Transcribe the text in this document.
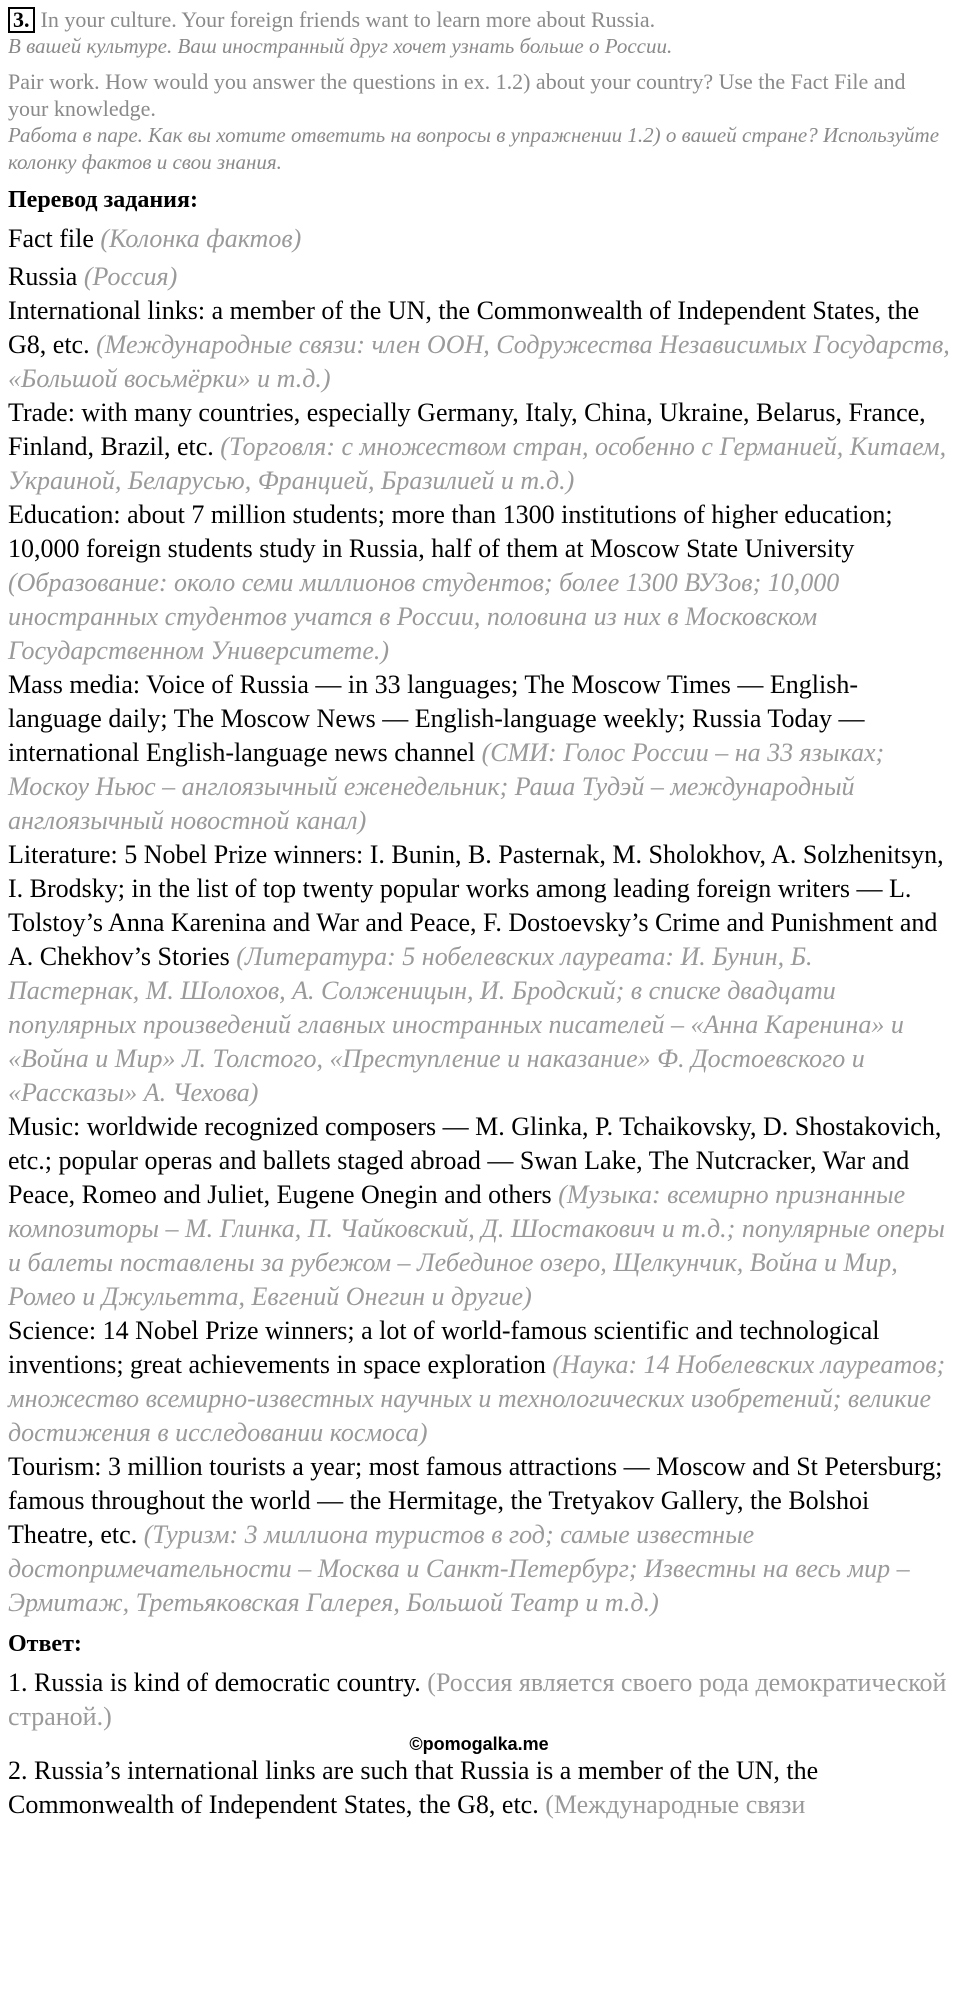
3. In your culture. Your foreign friends want to learn more about Russia.
В вашей культуре. Ваш иностранный друг хочет узнать больше о России.
Pair work. How would you answer the questions in ex. 1.2) about your country? Use the Fact File and your knowledge.
Работа в паре. Как вы хотите ответить на вопросы в упражнении 1.2) о вашей стране? Используйте колонку фактов и свои знания.
Перевод задания:

Fact file (Колонка фактов)

Russia (Россия)

International links: a member of the UN, the Commonwealth of Independent States, the G8, etc. (Международные связи: член ООН, Содружества Независимых Государств, «Большой восьмёрки» и т.д.)

Trade: with many countries, especially Germany, Italy, China, Ukraine, Belarus, France, Finland, Brazil, etc. (Торговля: с множеством стран, особенно с Германией, Китаем, Украиной, Беларусью, Францией, Бразилией и т.д.)

Education: about 7 million students; more than 1300 institutions of higher education; 10,000 foreign students study in Russia, half of them at Moscow State University (Образование: около семи миллионов студентов; более 1300 ВУЗов; 10,000 иностранных студентов учатся в России, половина из них в Московском Государственном Университете.)

Mass media: Voice of Russia — in 33 languages; The Moscow Times — English-language daily; The Moscow News — English-language weekly; Russia Today — international English-language news channel (СМИ: Голос России – на 33 языках; Москоу Ньюс – англоязычный еженедельник; Раша Тудэй – международный англоязычный новостной канал)

Literature: 5 Nobel Prize winners: I. Bunin, B. Pasternak, M. Sholokhov, A. Solzhenitsyn, I. Brodsky; in the list of top twenty popular works among leading foreign writers — L. Tolstoy’s Anna Karenina and War and Peace, F. Dostoevsky’s Crime and Punishment and A. Chekhov’s Stories (Литература: 5 нобелевских лауреата: И. Бунин, Б. Пастернак, М. Шолохов, А. Солженицын, И. Бродский; в списке двадцати популярных произведений главных иностранных писателей – «Анна Каренина» и «Война и Мир» Л. Толстого, «Преступление и наказание» Ф. Достоевского и «Рассказы» А. Чехова)

Music: worldwide recognized composers — M. Glinka, P. Tchaikovsky, D. Shostakovich, etc.; popular operas and ballets staged abroad — Swan Lake, The Nutcracker, War and Peace, Romeo and Juliet, Eugene Onegin and others (Музыка: всемирно признанные композиторы – М. Глинка, П. Чайковский, Д. Шостакович и т.д.; популярные оперы и балеты поставлены за рубежом – Лебединое озеро, Щелкунчик, Война и Мир, Ромео и Джульетта, Евгений Онегин и другие)

Science: 14 Nobel Prize winners; a lot of world-famous scientific and technological inventions; great achievements in space exploration (Наука: 14 Нобелевских лауреатов; множество всемирно-известных научных и технологических изобретений; великие достижения в исследовании космоса)

Tourism: 3 million tourists a year; most famous attractions — Moscow and St Petersburg; famous throughout the world — the Hermitage, the Tretyakov Gallery, the Bolshoi Theatre, etc. (Туризм: 3 миллиона туристов в год; самые известные достопримечательности – Москва и Санкт-Петербург; Известны на весь мир – Эрмитаж, Третьяковская Галерея, Большой Театр и т.д.)

Ответ:

1. Russia is kind of democratic country. (Россия является своего рода демократической страной.)

©pomogalka.me

2. Russia’s international links are such that Russia is a member of the UN, the Commonwealth of Independent States, the G8, etc. (Международные связи
